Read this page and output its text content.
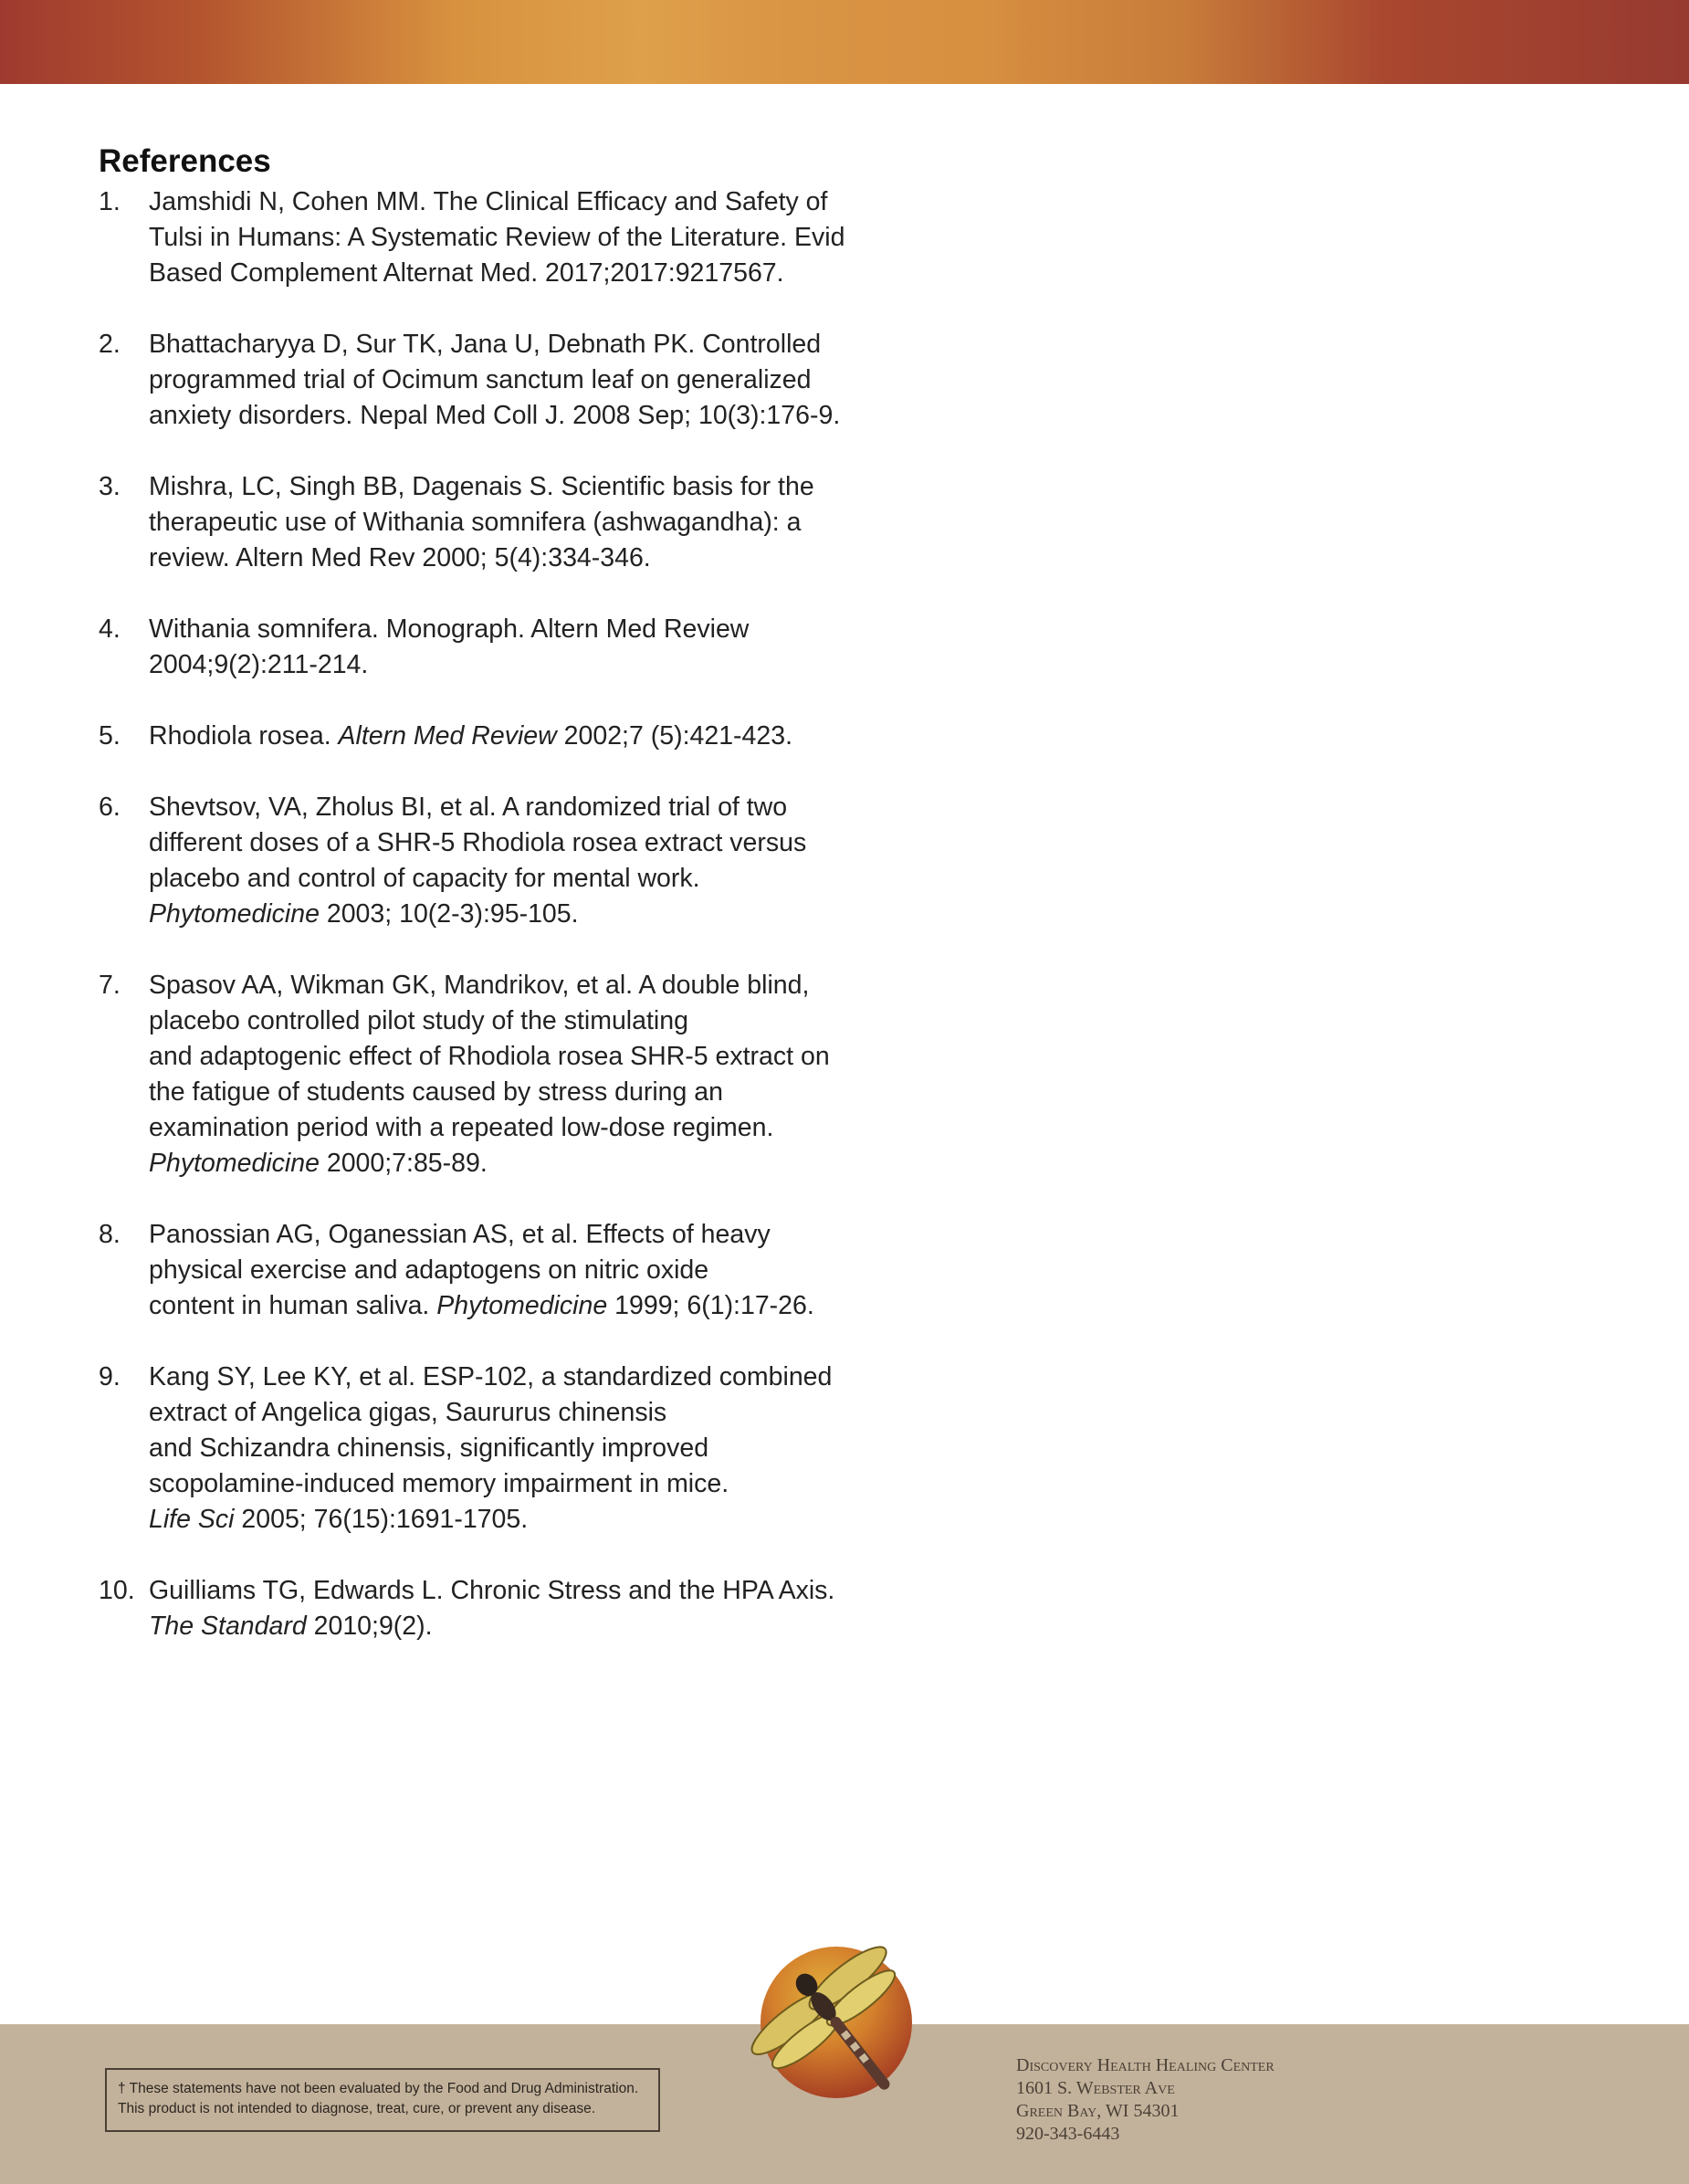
References
1. Jamshidi N, Cohen MM. The Clinical Efficacy and Safety of
Tulsi in Humans: A Systematic Review of the Literature. Evid
Based Complement Alternat Med. 2017;2017:9217567.
2. Bhattacharyya D, Sur TK, Jana U, Debnath PK. Controlled
programmed trial of Ocimum sanctum leaf on generalized
anxiety disorders. Nepal Med Coll J. 2008 Sep; 10(3):176-9.
3. Mishra, LC, Singh BB, Dagenais S. Scientific basis for the
therapeutic use of Withania somnifera (ashwagandha): a
review. Altern Med Rev 2000; 5(4):334-346.
4. Withania somnifera. Monograph. Altern Med Review
2004;9(2):211-214.
5. Rhodiola rosea. Altern Med Review 2002;7 (5):421-423.
6. Shevtsov, VA, Zholus BI, et al. A randomized trial of two
different doses of a SHR-5 Rhodiola rosea extract versus
placebo and control of capacity for mental work.
Phytomedicine 2003; 10(2-3):95-105.
7. Spasov AA, Wikman GK, Mandrikov, et al. A double blind,
placebo controlled pilot study of the stimulating
and adaptogenic effect of Rhodiola rosea SHR-5 extract on
the fatigue of students caused by stress during an
examination period with a repeated low-dose regimen.
Phytomedicine 2000;7:85-89.
8. Panossian AG, Oganessian AS, et al. Effects of heavy
physical exercise and adaptogens on nitric oxide
content in human saliva. Phytomedicine 1999; 6(1):17-26.
9. Kang SY, Lee KY, et al. ESP-102, a standardized combined
extract of Angelica gigas, Saururus chinensis
and Schizandra chinensis, significantly improved
scopolamine-induced memory impairment in mice.
Life Sci 2005; 76(15):1691-1705.
10. Guilliams TG, Edwards L. Chronic Stress and the HPA Axis.
The Standard 2010;9(2).
† These statements have not been evaluated by the Food and Drug Administration.
This product is not intended to diagnose, treat, cure, or prevent any disease.
Discovery Health Healing Center
1601 S. Webster Ave
Green Bay, WI 54301
920-343-6443
